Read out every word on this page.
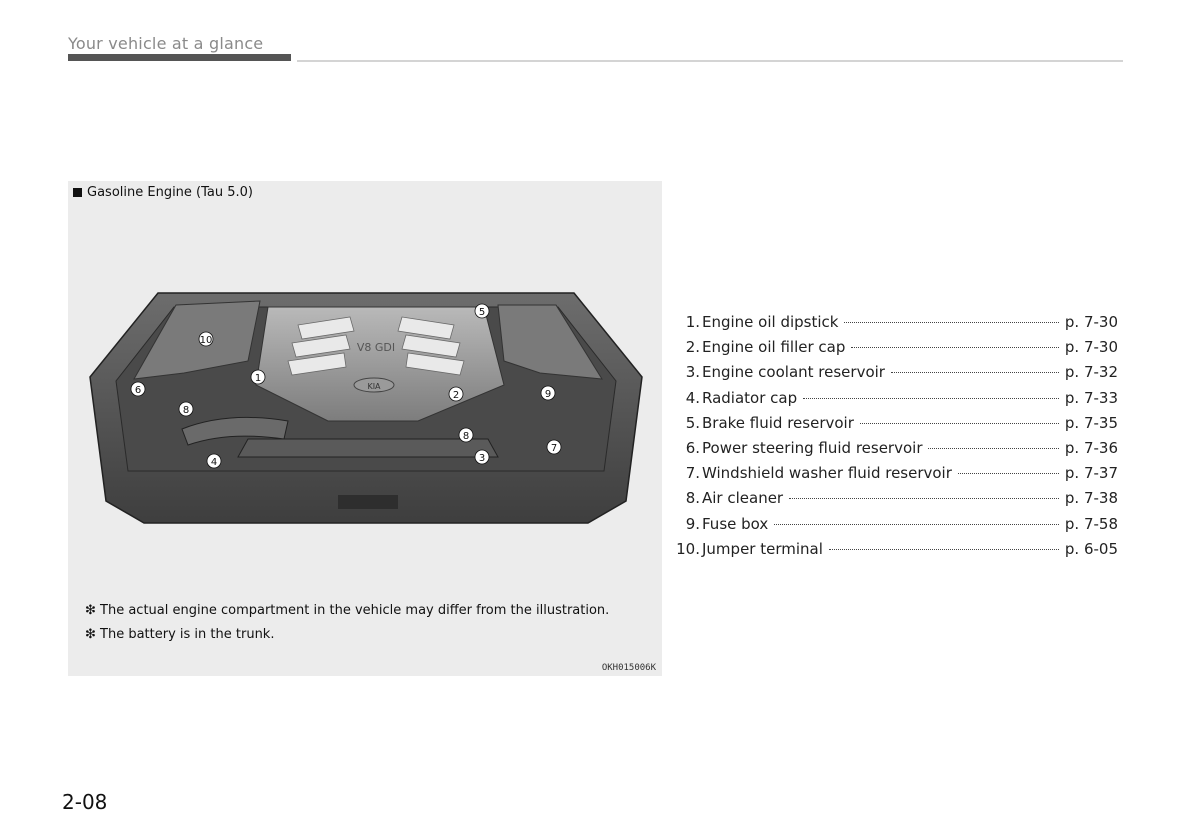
Your vehicle at a glance
Gasoline Engine (Tau 5.0)
V8 GDI
KIA
10
1
6
8
4
5
2	9
8
3
7
❇ The actual engine compartment in the vehicle may differ from the illustration.
❇ The battery is in the trunk.
OKH015006K
1. Engine oil dipstick	p. 7-30
2. Engine oil filler cap	p. 7-30
3. Engine coolant reservoir	p. 7-32
4. Radiator cap	p. 7-33
5. Brake fluid reservoir	p. 7-35
6. Power steering fluid reservoir	p. 7-36
7. Windshield washer fluid reservoir	p. 7-37
8. Air cleaner	p. 7-38
9. Fuse box	p. 7-58
10. Jumper terminal	p. 6-05
2-08
